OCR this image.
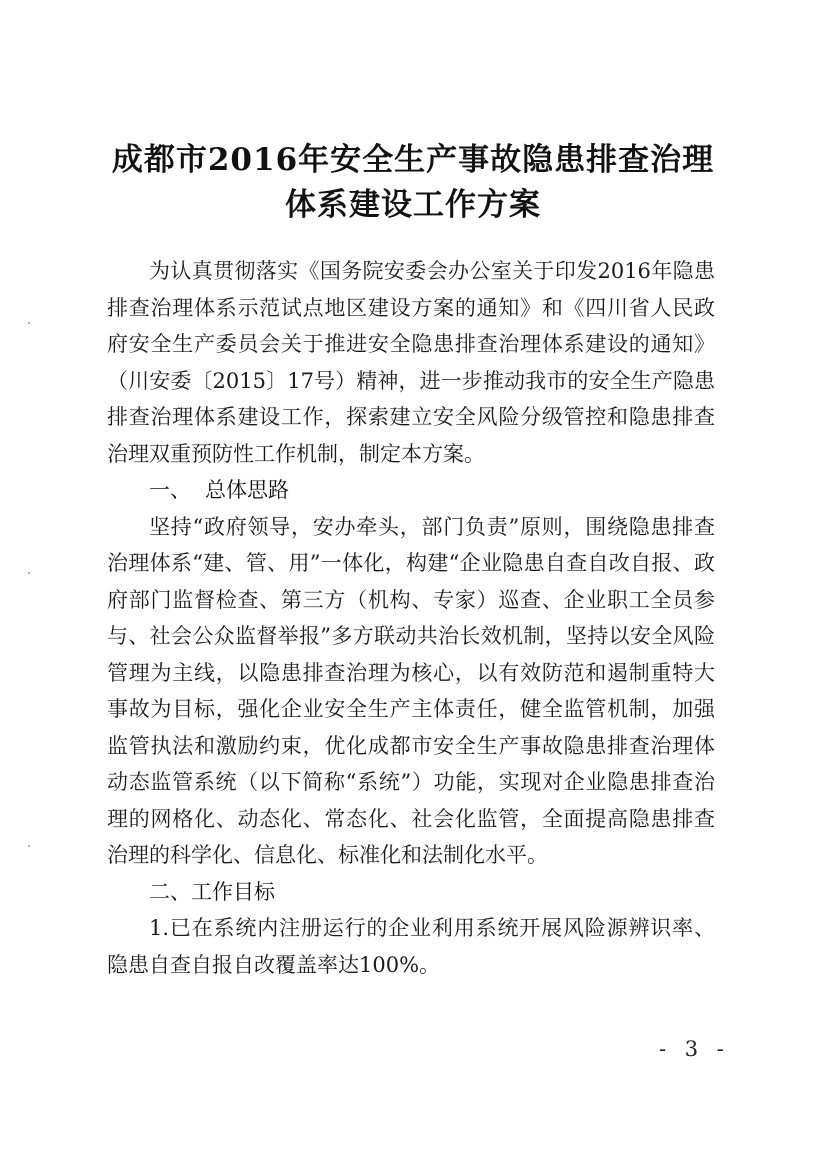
成都市2016年安全生产事故隐患排查治理
体系建设工作方案

为认真贯彻落实《国务院安委会办公室关于印发2016年隐患排查治理体系示范试点地区建设方案的通知》和《四川省人民政府安全生产委员会关于推进安全隐患排查治理体系建设的通知》（川安委〔2015〕17号）精神，进一步推动我市的安全生产隐患排查治理体系建设工作，探索建立安全风险分级管控和隐患排查治理双重预防性工作机制，制定本方案。

一、 总体思路

坚持“政府领导，安办牵头，部门负责”原则，围绕隐患排查治理体系“建、管、用”一体化，构建“企业隐患自查自改自报、政府部门监督检查、第三方（机构、专家）巡查、企业职工全员参与、社会公众监督举报”多方联动共治长效机制，坚持以安全风险管理为主线，以隐患排查治理为核心，以有效防范和遏制重特大事故为目标，强化企业安全生产主体责任，健全监管机制，加强监管执法和激励约束，优化成都市安全生产事故隐患排查治理体动态监管系统（以下简称“系统”）功能，实现对企业隐患排查治理的网格化、动态化、常态化、社会化监管，全面提高隐患排查治理的科学化、信息化、标准化和法制化水平。

二、工作目标

1.已在系统内注册运行的企业利用系统开展风险源辨识率、隐患自查自报自改覆盖率达100%。

- 3 -
